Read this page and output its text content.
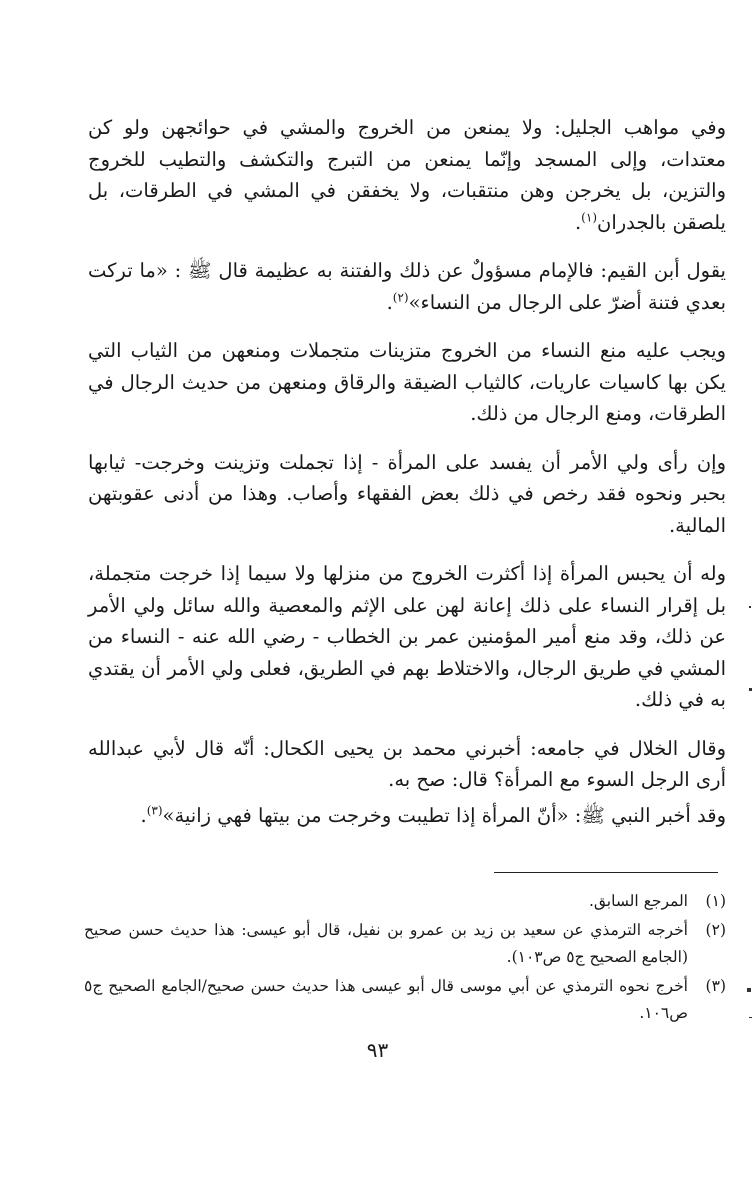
وفي مواهب الجليل: ولا يمنعن من الخروج والمشي في حوائجهن ولو كن معتدات، وإلى المسجد وإنّما يمنعن من التبرج والتكشف والتطيب للخروج والتزين، بل يخرجن وهن منتقبات، ولا يخفقن في المشي في الطرقات، بل يلصقن بالجدران$^{(١)}$.

يقول أبن القيم: فالإمام مسؤولٌ عن ذلك والفتنة به عظيمة قال ﷺ : «ما تركت بعدي فتنة أضرّ على الرجال من النساء»$^{(٢)}$.

ويجب عليه منع النساء من الخروج متزينات متجملات ومنعهن من الثياب التي يكن بها كاسيات عاريات، كالثياب الضيقة والرقاق ومنعهن من حديث الرجال في الطرقات، ومنع الرجال من ذلك.

وإن رأى ولي الأمر أن يفسد على المرأة - إذا تجملت وتزينت وخرجت- ثيابها بحبر ونحوه فقد رخص في ذلك بعض الفقهاء وأصاب. وهذا من أدنى عقوبتهن المالية.

وله أن يحبس المرأة إذا أكثرت الخروج من منزلها ولا سيما إذا خرجت متجملة، بل إقرار النساء على ذلك إعانة لهن على الإثم والمعصية والله سائل ولي الأمر عن ذلك، وقد منع أمير المؤمنين عمر بن الخطاب - رضي الله عنه - النساء من المشي في طريق الرجال، والاختلاط بهم في الطريق، فعلى ولي الأمر أن يقتدي به في ذلك.

وقال الخلال في جامعه: أخبرني محمد بن يحيى الكحال: أنّه قال لأبي عبدالله أرى الرجل السوء مع المرأة؟ قال: صح به.

وقد أخبر النبي ﷺ: «أنّ المرأة إذا تطيبت وخرجت من بيتها فهي زانية»$^{(٣)}$.

(١)
المرجع السابق.
(٢)
أخرجه الترمذي عن سعيد بن زيد بن عمرو بن نفيل، قال أبو عيسى: هذا حديث حسن صحيح (الجامع الصحيح ج٥ ص١٠٣).
(٣)
أخرج نحوه الترمذي عن أبي موسى قال أبو عيسى هذا حديث حسن صحيح/الجامع الصحيح ج٥ ص١٠٦.
٩٣
